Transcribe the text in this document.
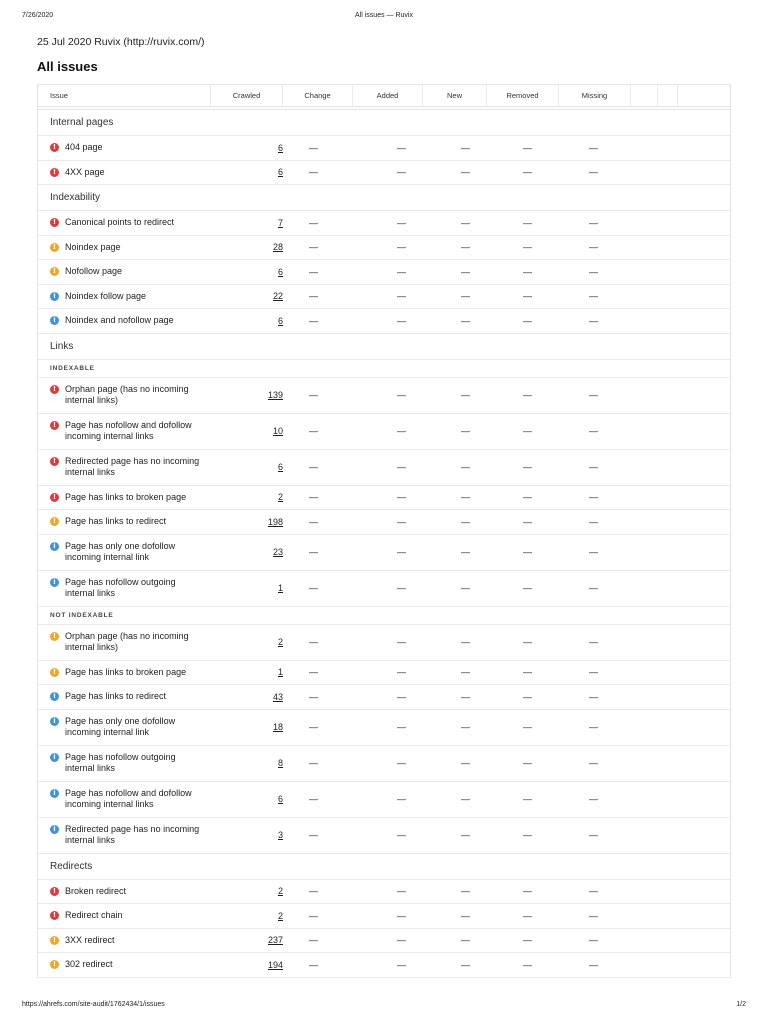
7/26/2020	All issues — Ruvix
25 Jul 2020 Ruvix (http://ruvix.com/)
All issues
Issue	Crawled	Change	Added	New	Removed	Missing
Internal pages
! 404 page	6	—	—	—	—	—
! 4XX page	6	—	—	—	—	—
Indexability
! Canonical points to redirect	7	—	—	—	—	—
! Noindex page	28	—	—	—	—	—
! Nofollow page	6	—	—	—	—	—
i	Noindex follow page	22	—	—	—	—	—
i	Noindex and nofollow page	6	—	—	—	—	—
Links
INDEXABLE
! Orphan page (has no incoming internal links)	139	—	—	—	—	—
! Page has nofollow and dofollow incoming internal links	10	—	—	—	—	—
! Redirected page has no incoming internal links	6	—	—	—	—	—
! Page has links to broken page	2	—	—	—	—	—
! Page has links to redirect	198	—	—	—	—	—
i	Page has only one dofollow incoming internal link	23	—	—	—	—	—
i	Page has nofollow outgoing internal links	1	—	—	—	—	—
NOT INDEXABLE
! Orphan page (has no incoming internal links)	2	—	—	—	—	—
! Page has links to broken page	1	—	—	—	—	—
i	Page has links to redirect	43	—	—	—	—	—
i	Page has only one dofollow incoming internal link	18	—	—	—	—	—
i	Page has nofollow outgoing internal links	8	—	—	—	—	—
i	Page has nofollow and dofollow incoming internal links	6	—	—	—	—	—
i	Redirected page has no incoming internal links	3	—	—	—	—	—
Redirects
! Broken redirect	2	—	—	—	—	—
! Redirect chain	2	—	—	—	—	—
! 3XX redirect	237	—	—	—	—	—
! 302 redirect	194	—	—	—	—	—
https://ahrefs.com/site-audit/1762434/1/issues	1/2
